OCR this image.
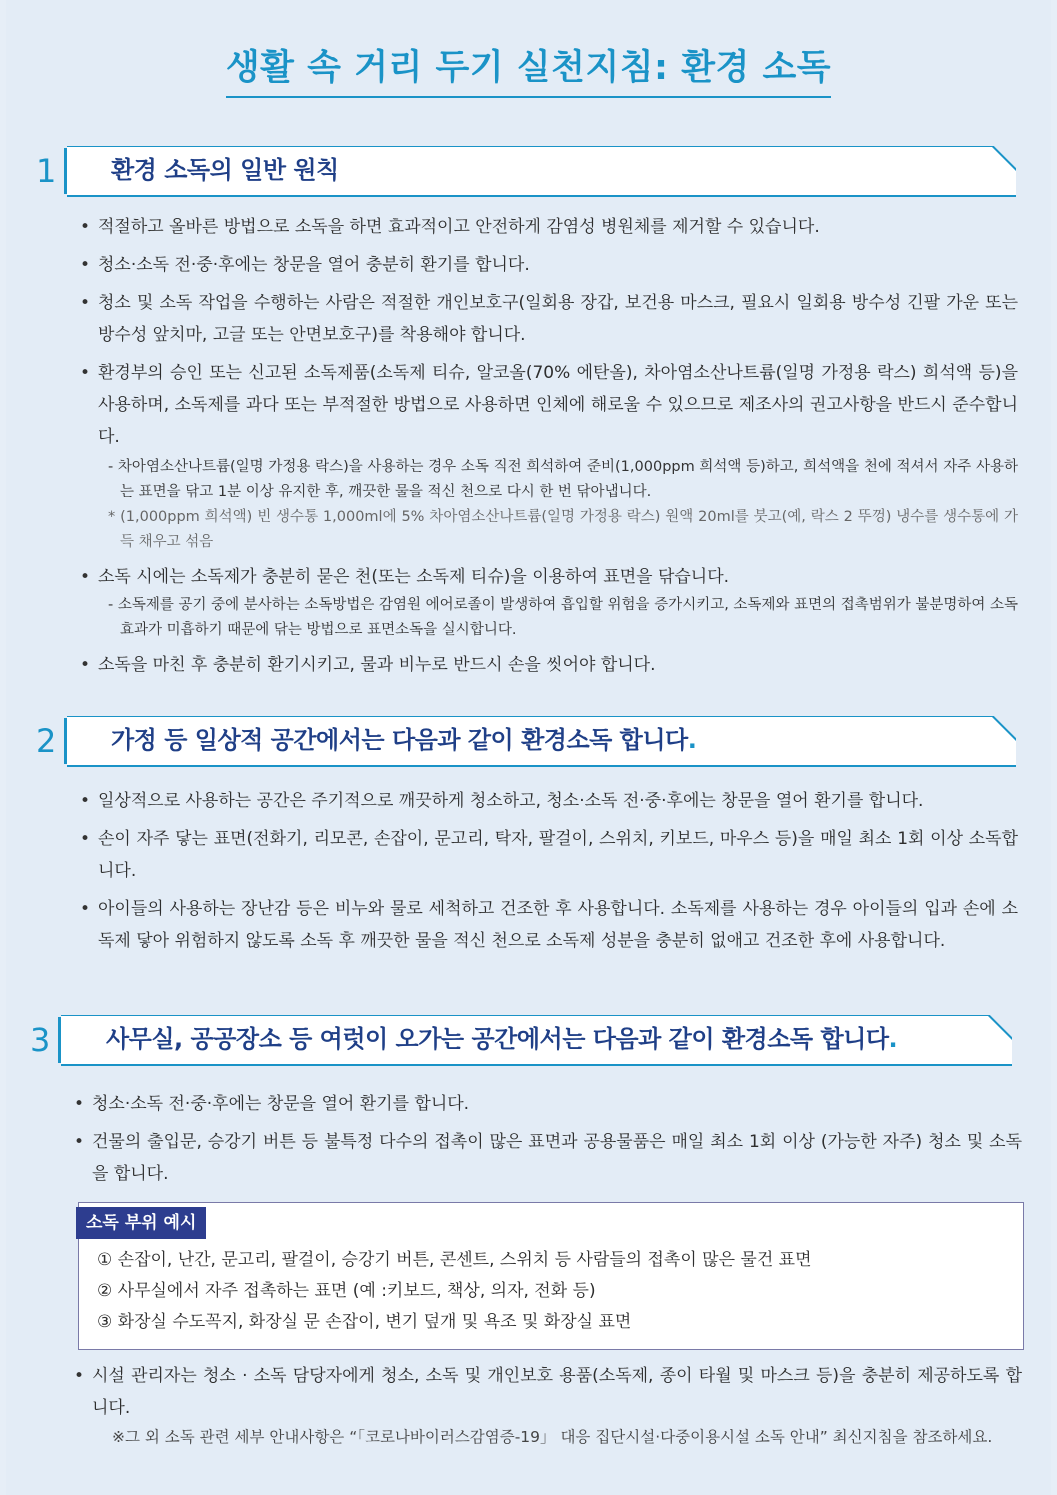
생활 속 거리 두기 실천지침: 환경 소독
1 환경 소독의 일반 원칙
• 적절하고 올바른 방법으로 소독을 하면 효과적이고 안전하게 감염성 병원체를 제거할 수 있습니다.
• 청소·소독 전·중·후에는 창문을 열어 충분히 환기를 합니다.
• 청소 및 소독 작업을 수행하는 사람은 적절한 개인보호구(일회용 장갑, 보건용 마스크, 필요시 일회용 방수성 긴팔 가운 또는 방수성 앞치마, 고글 또는 안면보호구)를 착용해야 합니다.
• 환경부의 승인 또는 신고된 소독제품(소독제 티슈, 알코올(70% 에탄올), 차아염소산나트륨(일명 가정용 락스) 희석액 등)을 사용하며, 소독제를 과다 또는 부적절한 방법으로 사용하면 인체에 해로울 수 있으므로 제조사의 권고사항을 반드시 준수합니다.
- 차아염소산나트륨(일명 가정용 락스)을 사용하는 경우 소독 직전 희석하여 준비(1,000ppm 희석액 등)하고, 희석액을 천에 적셔서 자주 사용하는 표면을 닦고 1분 이상 유지한 후, 깨끗한 물을 적신 천으로 다시 한 번 닦아냅니다.
* (1,000ppm 희석액) 빈 생수통 1,000ml에 5% 차아염소산나트륨(일명 가정용 락스) 원액 20ml를 붓고(예, 락스 2 뚜껑) 냉수를 생수통에 가득 채우고 섞음
• 소독 시에는 소독제가 충분히 묻은 천(또는 소독제 티슈)을 이용하여 표면을 닦습니다.
- 소독제를 공기 중에 분사하는 소독방법은 감염원 에어로졸이 발생하여 흡입할 위험을 증가시키고, 소독제와 표면의 접촉범위가 불분명하여 소독효과가 미흡하기 때문에 닦는 방법으로 표면소독을 실시합니다.
• 소독을 마친 후 충분히 환기시키고, 물과 비누로 반드시 손을 씻어야 합니다.
2 가정 등 일상적 공간에서는 다음과 같이 환경소독 합니다.
• 일상적으로 사용하는 공간은 주기적으로 깨끗하게 청소하고, 청소·소독 전·중·후에는 창문을 열어 환기를 합니다.
• 손이 자주 닿는 표면(전화기, 리모콘, 손잡이, 문고리, 탁자, 팔걸이, 스위치, 키보드, 마우스 등)을 매일 최소 1회 이상 소독합니다.
• 아이들의 사용하는 장난감 등은 비누와 물로 세척하고 건조한 후 사용합니다. 소독제를 사용하는 경우 아이들의 입과 손에 소독제 닿아 위험하지 않도록 소독 후 깨끗한 물을 적신 천으로 소독제 성분을 충분히 없애고 건조한 후에 사용합니다.
3 사무실, 공공장소 등 여럿이 오가는 공간에서는 다음과 같이 환경소독 합니다.
• 청소·소독 전·중·후에는 창문을 열어 환기를 합니다.
• 건물의 출입문, 승강기 버튼 등 불특정 다수의 접촉이 많은 표면과 공용물품은 매일 최소 1회 이상 (가능한 자주) 청소 및 소독을 합니다.
소독 부위 예시
① 손잡이, 난간, 문고리, 팔걸이, 승강기 버튼, 콘센트, 스위치 등 사람들의 접촉이 많은 물건 표면
② 사무실에서 자주 접촉하는 표면 (예 :키보드, 책상, 의자, 전화 등)
③ 화장실 수도꼭지, 화장실 문 손잡이, 변기 덮개 및 욕조 및 화장실 표면
• 시설 관리자는 청소 · 소독 담당자에게 청소, 소독 및 개인보호 용품(소독제, 종이 타월 및 마스크 등)을 충분히 제공하도록 합니다.
※그 외 소독 관련 세부 안내사항은 “「코로나바이러스감염증-19」 대응 집단시설·다중이용시설 소독 안내” 최신지침을 참조하세요.
